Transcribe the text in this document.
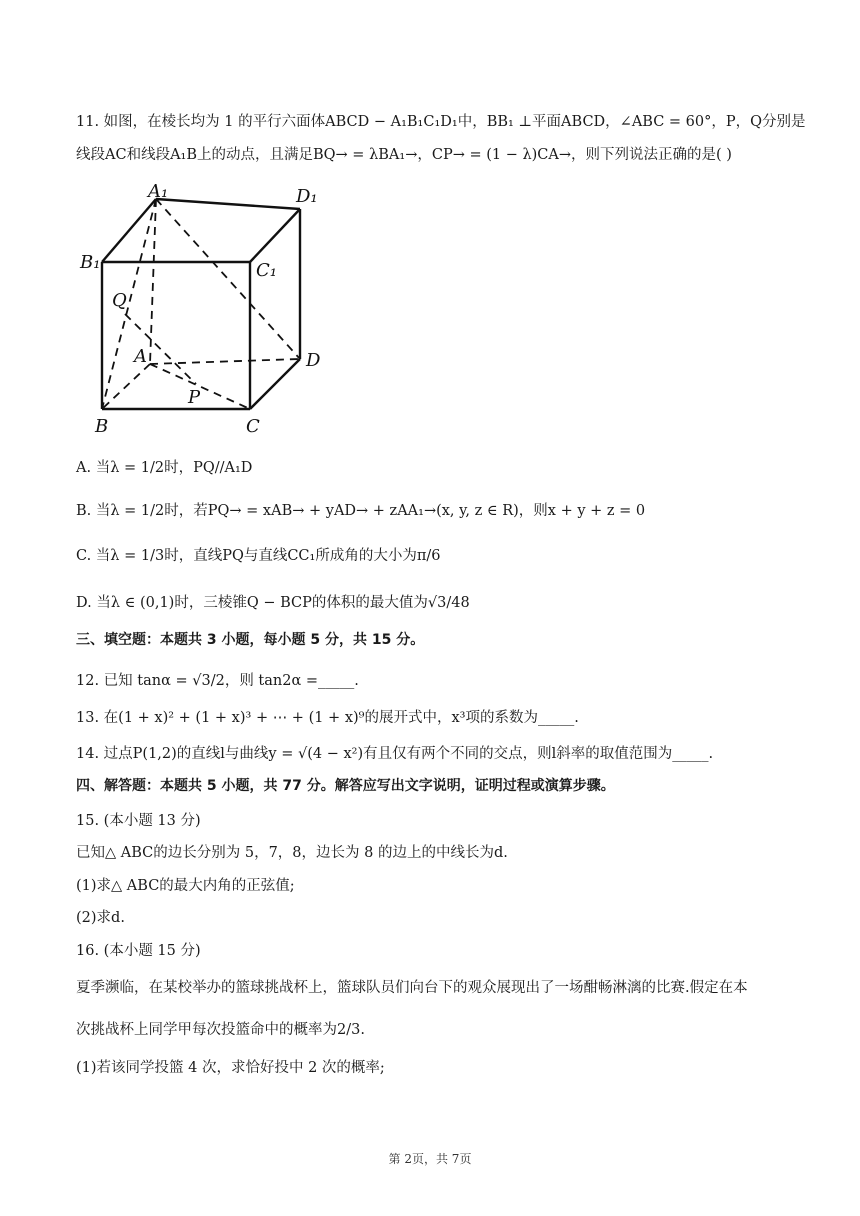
11. 如图，在棱长均为 1 的平行六面体ABCD − A₁B₁C₁D₁中，BB₁ ⊥平面ABCD，∠ABC = 60°，P，Q分别是
线段AC和线段A₁B上的动点，且满足BQ→ = λBA₁→，CP→ = (1 − λ)CA→，则下列说法正确的是( )
A₁	D₁
B₁	C₁
Q
A	D
P
B	C
A. 当λ = 1/2时，PQ//A₁D
B. 当λ = 1/2时，若PQ→ = xAB→ + yAD→ + zAA₁→(x, y, z ∈ R)，则x + y + z = 0
C. 当λ = 1/3时，直线PQ与直线CC₁所成角的大小为π/6
D. 当λ ∈ (0,1)时，三棱锥Q − BCP的体积的最大值为√3/48
三、填空题：本题共 3 小题，每小题 5 分，共 15 分。
12. 已知 tanα = √3/2，则 tan2α =_____.
13. 在(1 + x)² + (1 + x)³ + ⋯ + (1 + x)⁹的展开式中，x³项的系数为_____.
14. 过点P(1,2)的直线l与曲线y = √(4 − x²)有且仅有两个不同的交点，则l斜率的取值范围为_____.
四、解答题：本题共 5 小题，共 77 分。解答应写出文字说明，证明过程或演算步骤。
15. (本小题 13 分)
已知△ ABC的边长分别为 5，7，8，边长为 8 的边上的中线长为d.
(1)求△ ABC的最大内角的正弦值;
(2)求d.
16. (本小题 15 分)
夏季濒临，在某校举办的篮球挑战杯上，篮球队员们向台下的观众展现出了一场酣畅淋漓的比赛.假定在本
次挑战杯上同学甲每次投篮命中的概率为2/3.
(1)若该同学投篮 4 次，求恰好投中 2 次的概率;
第 2页，共 7页
